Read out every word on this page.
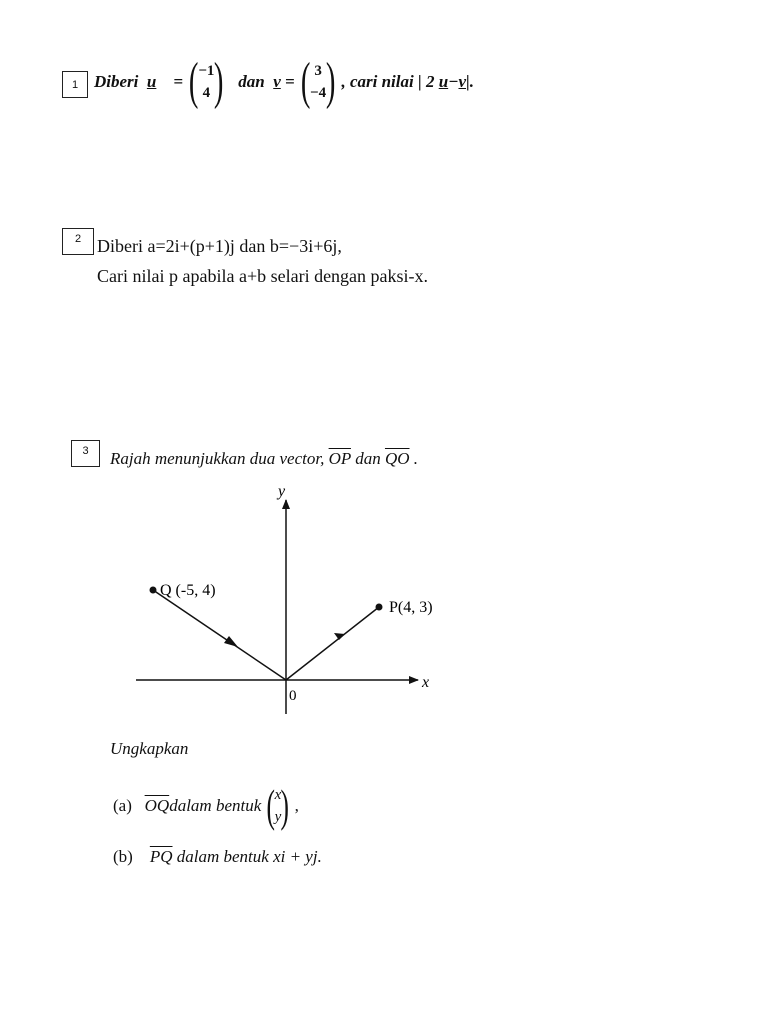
1 Diberi
u
= ( −1
4 )
dan
v
= ( 3
−4 ) , cari nilai | 2
u − v |.
2 Diberi a=2i+(p+1)j dan b=−3i+6j,
Cari nilai p apabila a+b selari dengan paksi-x.
3	Rajah menunjukkan dua vector, $\overline{OP}$ dan $\overline{QO}$ .
Q (-5, 4)
P(4, 3)
x
y
0
Ungkapkan
(a)
$\overline{OQ}$ dalam bentuk ( x
y ) ,
(b) $\overline{PQ}$ dalam bentuk xi + yj.
